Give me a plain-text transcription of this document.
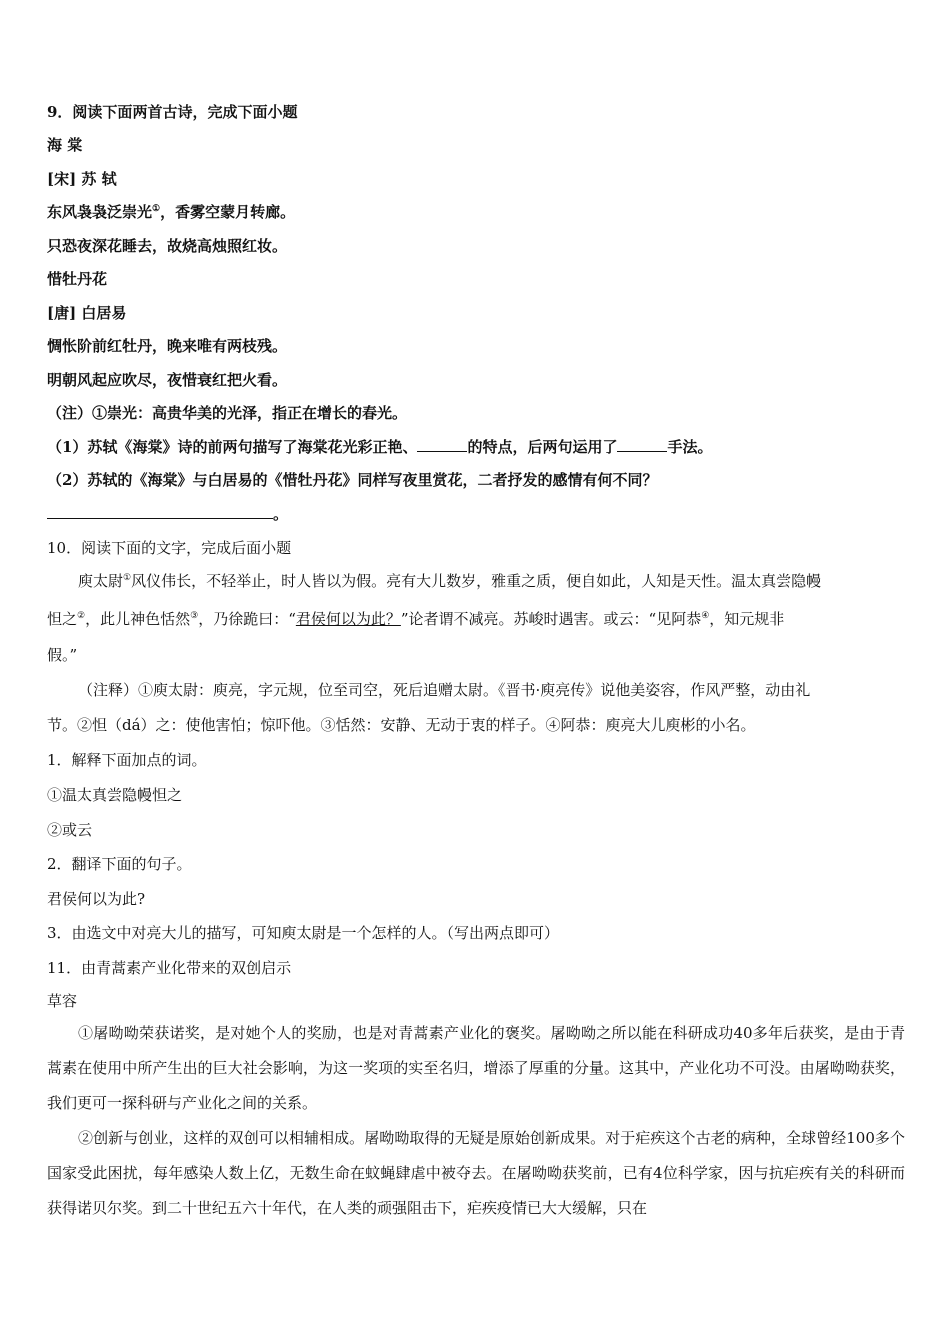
9．阅读下面两首古诗，完成下面小题
海 棠
[宋] 苏 轼
东风袅袅泛崇光①，香雾空蒙月转廊。
只恐夜深花睡去，故烧高烛照红妆。
惜牡丹花
[唐] 白居易
惆怅阶前红牡丹，晚来唯有两枝残。
明朝风起应吹尽，夜惜衰红把火看。
（注）①崇光：高贵华美的光泽，指正在增长的春光。
（1）苏轼《海棠》诗的前两句描写了海棠花光彩正艳、	的特点，后两句运用了	手法。
（2）苏轼的《海棠》与白居易的《惜牡丹花》同样写夜里赏花，二者抒发的感情有何不同？
。
10．阅读下面的文字，完成后面小题
庾太尉①风仪伟长，不轻举止，时人皆以为假。亮有大儿数岁，雅重之质，便自如此，人知是天性。温太真尝隐幔
怛之②，此儿神色恬然③，乃徐跪曰：“君侯何以为此？”论者谓不减亮。苏峻时遇害。或云：“见阿恭④，知元规非
假。”
（注释）①庾太尉：庾亮，字元规，位至司空，死后追赠太尉。《晋书·庾亮传》说他美姿容，作风严整，动由礼
节。②怛（dá）之：使他害怕；惊吓他。③恬然：安静、无动于衷的样子。④阿恭：庾亮大儿庾彬的小名。
1．解释下面加点的词。
①温太真尝隐幔怛之
②或云
2．翻译下面的句子。
君侯何以为此?
3．由选文中对亮大儿的描写，可知庾太尉是一个怎样的人。（写出两点即可）
11．由青蒿素产业化带来的双创启示
草容

①屠呦呦荣获诺奖，是对她个人的奖励，也是对青蒿素产业化的褒奖。屠呦呦之所以能在科研成功40多年后获奖，是由于青蒿素在使用中所产生出的巨大社会影响，为这一奖项的实至名归，增添了厚重的分量。这其中，产业化功不可没。由屠呦呦获奖，我们更可一探科研与产业化之间的关系。

②创新与创业，这样的双创可以相辅相成。屠呦呦取得的无疑是原始创新成果。对于疟疾这个古老的病种，全球曾经100多个国家受此困扰，每年感染人数上亿，无数生命在蚊蝇肆虐中被夺去。在屠呦呦获奖前，已有4位科学家，因与抗疟疾有关的科研而获得诺贝尔奖。到二十世纪五六十年代，在人类的顽强阻击下，疟疾疫情已大大缓解，只在
